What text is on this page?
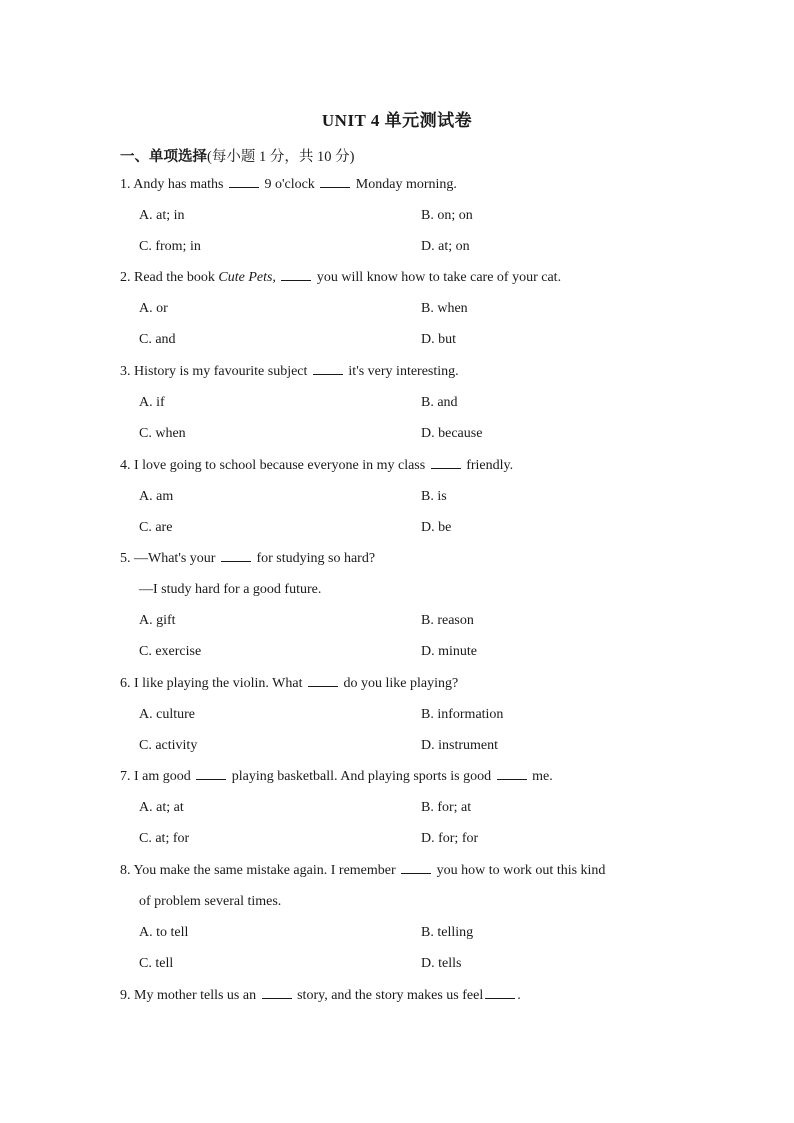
UNIT 4 单元测试卷
一、单项选择(每小题 1 分，共 10 分)
1. Andy has maths  9 o'clock  Monday morning.
A. at; in	B. on; on
C. from; in	D. at; on
2. Read the book Cute Pets,	you will know how to take care of your cat.
A. or	B. when
C. and	D. but
3. History is my favourite subject  it's very interesting.
A. if	B. and
C. when	D. because
4. I love going to school because everyone in my class  friendly.
A. am	B. is
C. are	D. be
5. —What's your  for studying so hard?
—I study hard for a good future.
A. gift	B. reason
C. exercise	D. minute
6. I like playing the violin. What  do you like playing?
A. culture	B. information
C. activity	D. instrument
7. I am good  playing basketball. And playing sports is good  me.
A. at; at	B. for; at
C. at; for	D. for; for
8. You make the same mistake again. I remember  you how to work out this kind
of problem several times.
A. to tell	B. telling
C. tell	D. tells
9. My mother tells us an  story, and the story makes us feel .
